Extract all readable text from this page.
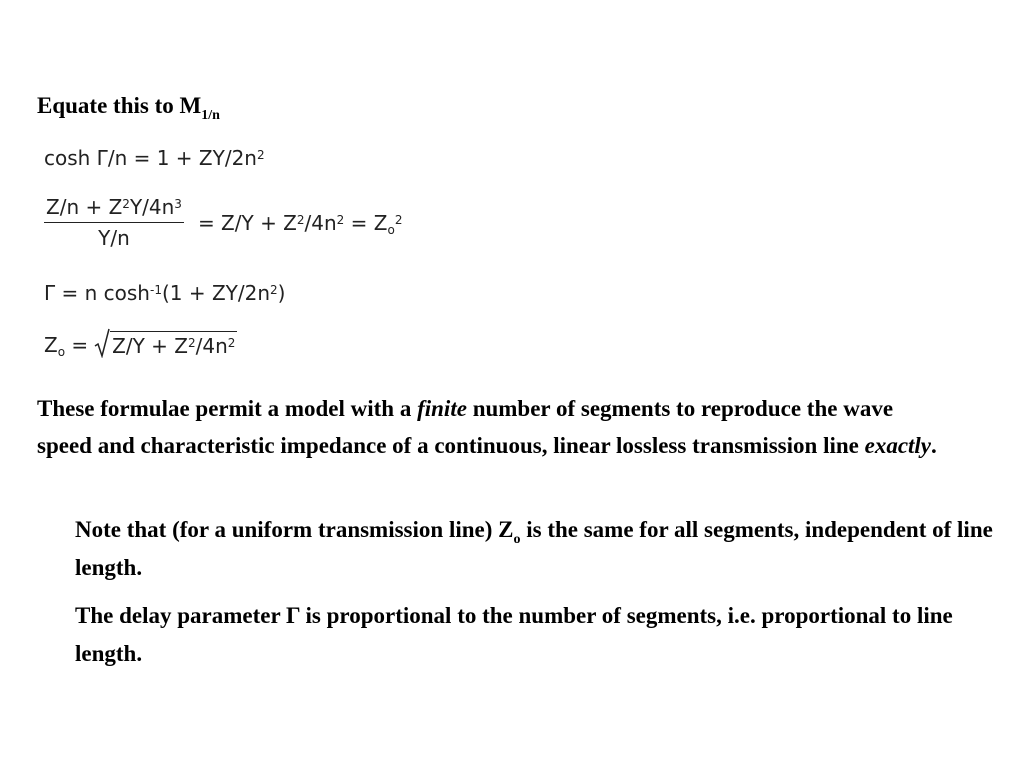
Equate this to $M_{1/n}$
$\cosh \Gamma/n = 1 + ZY/2n^2$
$\frac{Z/n + Z^2Y/4n^3}{Y/n} = Z/Y + Z^2/4n^2 = Z_o^2$
Γ = n $\cosh^{-1}(1 + ZY/2n^2)$
$Z_o = Z/Y + Z^2/4n^2$
These formulae permit a model with a finite number of segments to reproduce the wave speed and characteristic impedance of a continuous, linear lossless transmission line exactly.
Note that (for a uniform transmission line) $Z_o$ is the same for all segments, independent of line length.
The delay parameter Γ is proportional to the number of segments, i.e. proportional to line length.
